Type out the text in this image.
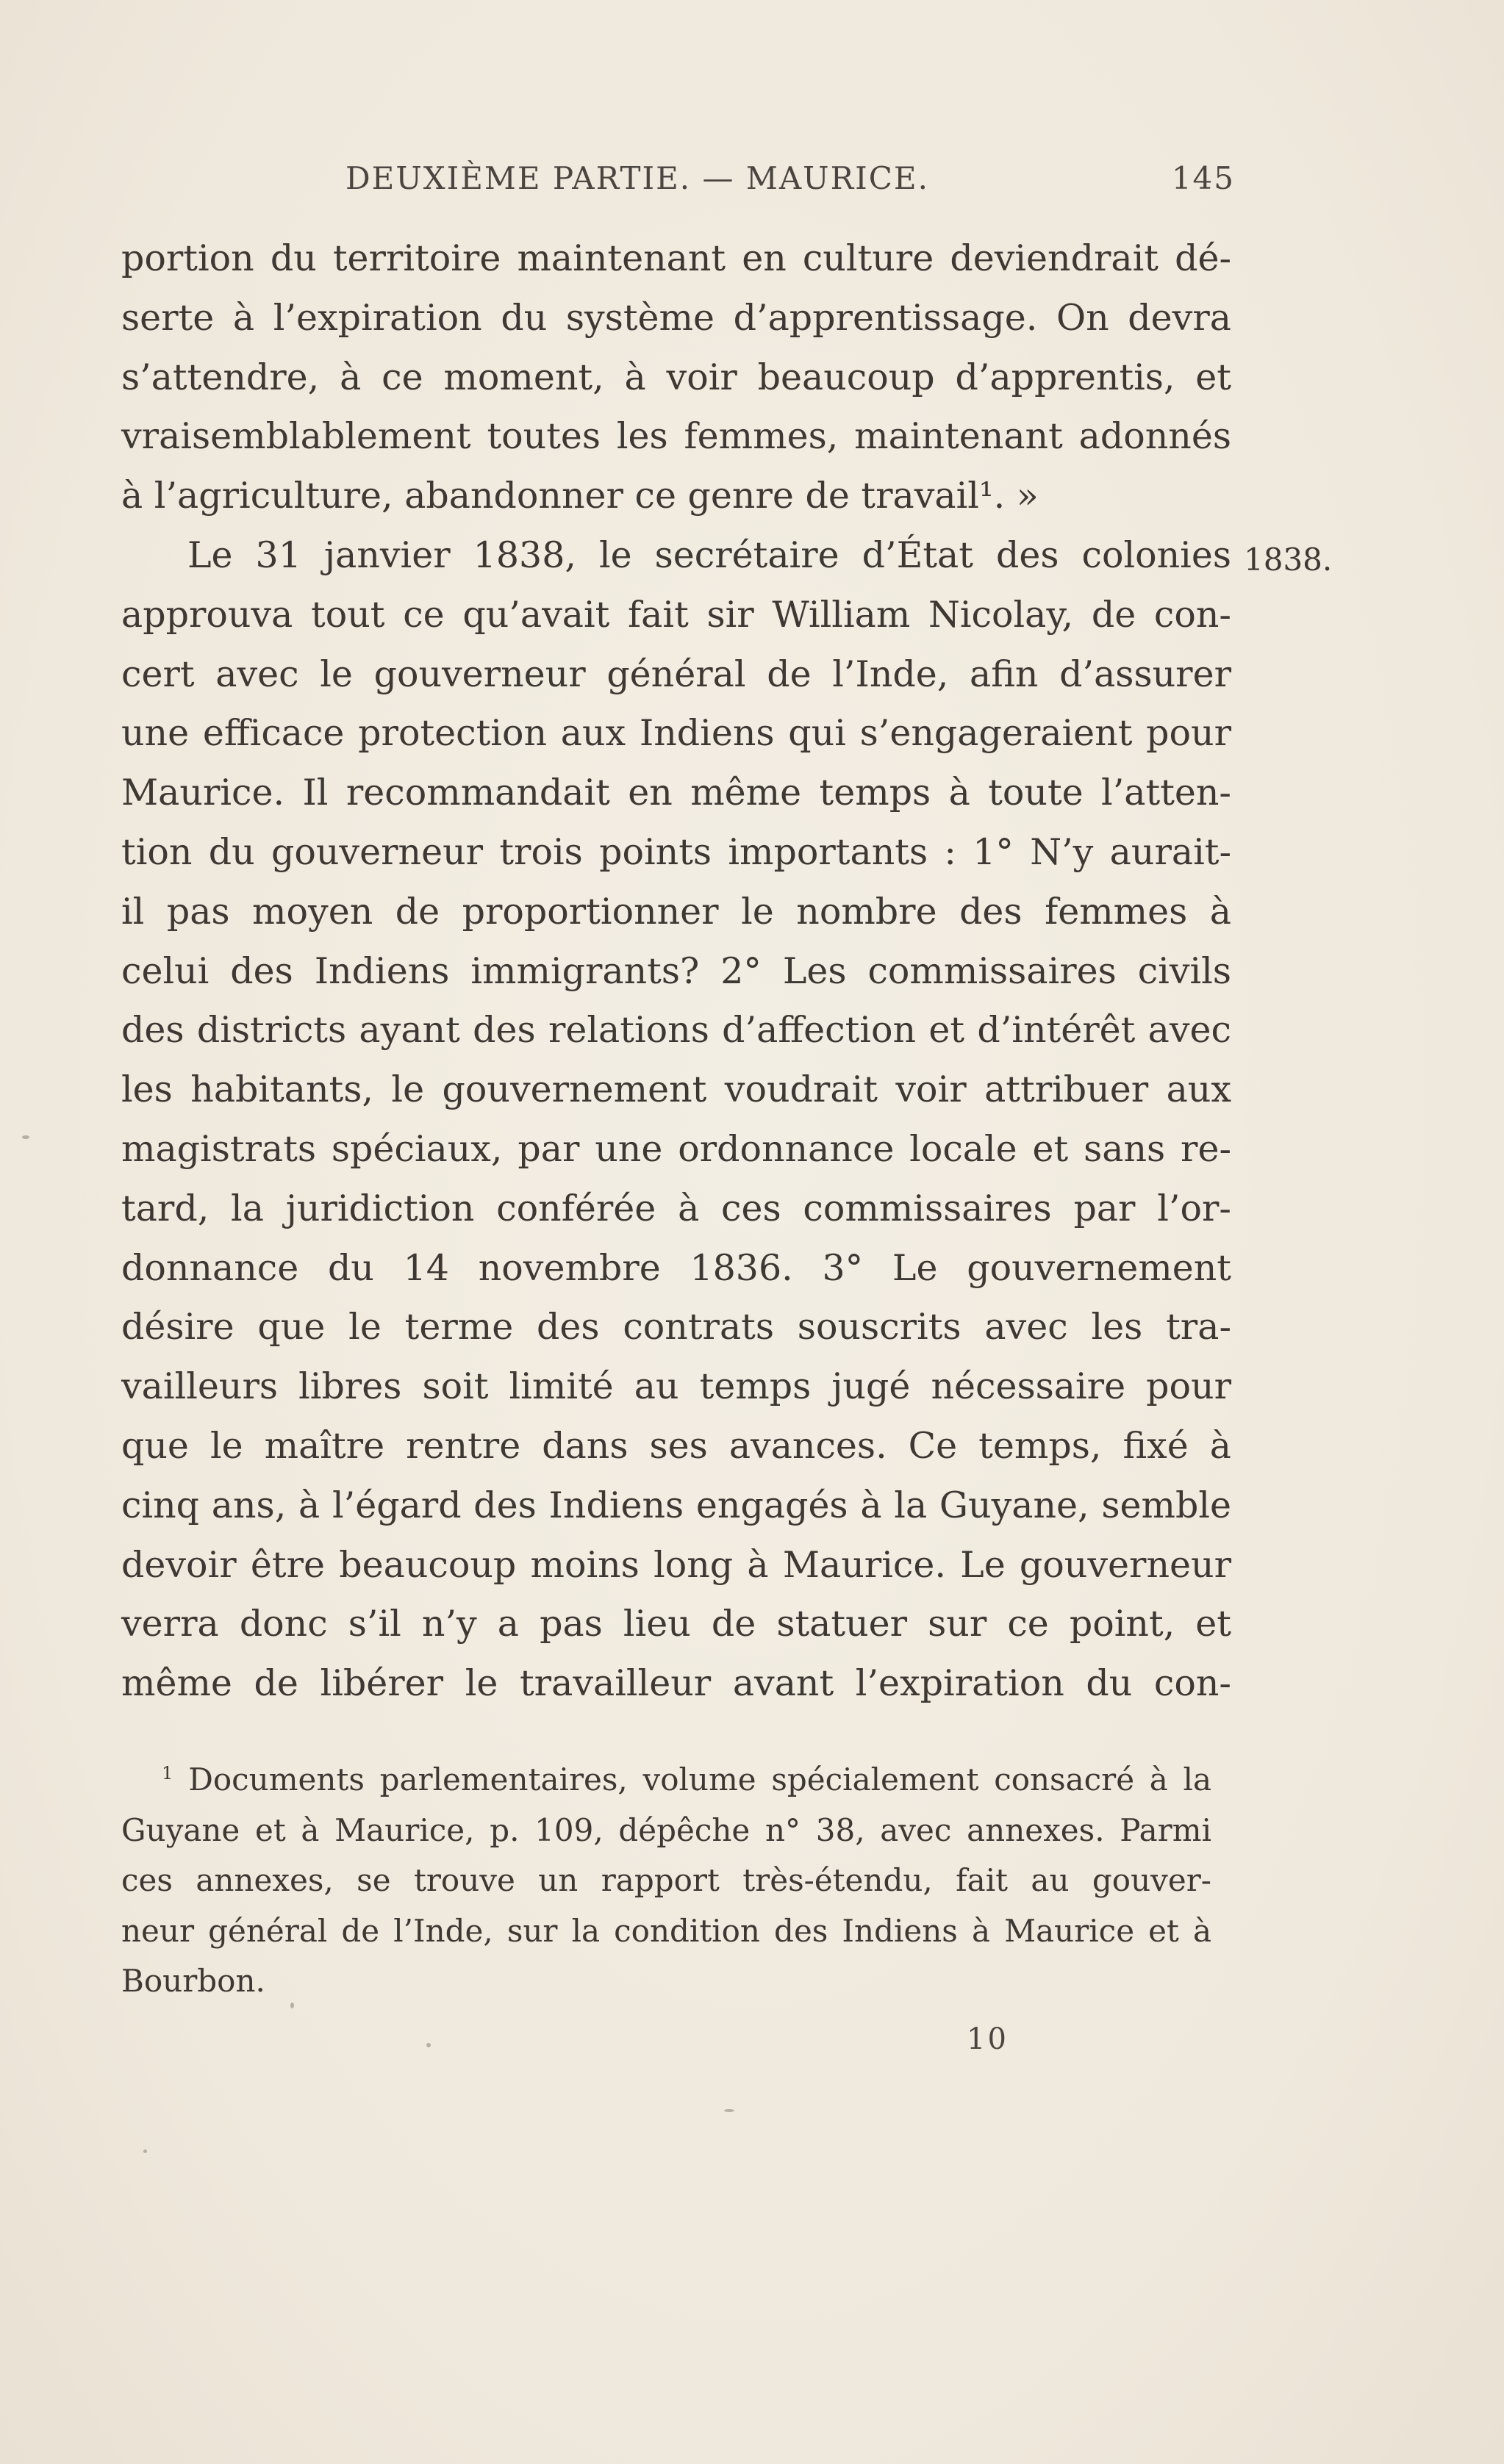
DEUXIÈME PARTIE. — MAURICE.	145
portion du territoire maintenant en culture deviendrait dé-
serte à l’expiration du système d’apprentissage. On devra
s’attendre, à ce moment, à voir beaucoup d’apprentis, et
vraisemblablement toutes les femmes, maintenant adonnés
à l’agriculture, abandonner ce genre de travail¹. »
Le 31 janvier 1838, le secrétaire d’État des colonies
approuva tout ce qu’avait fait sir William Nicolay, de con-
cert avec le gouverneur général de l’Inde, afin d’assurer
une efficace protection aux Indiens qui s’engageraient pour
Maurice. Il recommandait en même temps à toute l’atten-
tion du gouverneur trois points importants : 1° N’y aurait-
il pas moyen de proportionner le nombre des femmes à
celui des Indiens immigrants? 2° Les commissaires civils
des districts ayant des relations d’affection et d’intérêt avec
les habitants, le gouvernement voudrait voir attribuer aux
magistrats spéciaux, par une ordonnance locale et sans re-
tard, la juridiction conférée à ces commissaires par l’or-
donnance du 14 novembre 1836. 3° Le gouvernement
désire que le terme des contrats souscrits avec les tra-
vailleurs libres soit limité au temps jugé nécessaire pour
que le maître rentre dans ses avances. Ce temps, fixé à
cinq ans, à l’égard des Indiens engagés à la Guyane, semble
devoir être beaucoup moins long à Maurice. Le gouverneur
verra donc s’il n’y a pas lieu de statuer sur ce point, et
même de libérer le travailleur avant l’expiration du con-
1838.
$^1$ Documents parlementaires, volume spécialement consacré à la
Guyane et à Maurice, p. 109, dépêche n° 38, avec annexes. Parmi
ces annexes, se trouve un rapport très-étendu, fait au gouver-
neur général de l’Inde, sur la condition des Indiens à Maurice et à
Bourbon.
10
